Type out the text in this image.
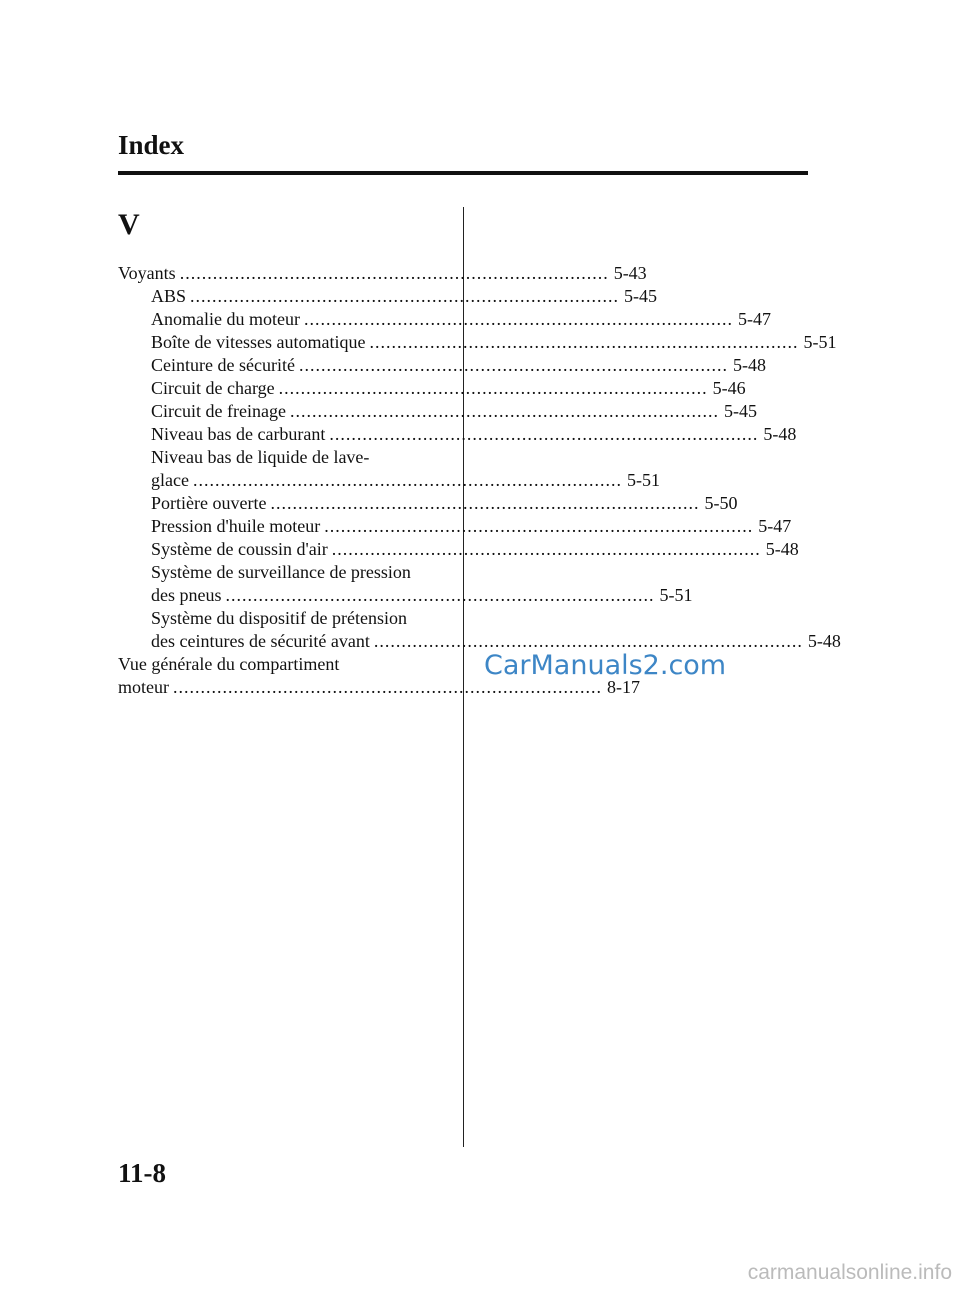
Index
V
Voyants .............................................................................. 5-43
ABS .............................................................................. 5-45
Anomalie du moteur .............................................................................. 5-47
Boîte de vitesses automatique .............................................................................. 5-51
Ceinture de sécurité .............................................................................. 5-48
Circuit de charge .............................................................................. 5-46
Circuit de freinage .............................................................................. 5-45
Niveau bas de carburant .............................................................................. 5-48
Niveau bas de liquide de lave-
glace .............................................................................. 5-51
Portière ouverte .............................................................................. 5-50
Pression d'huile moteur .............................................................................. 5-47
Système de coussin d'air .............................................................................. 5-48
Système de surveillance de pression
des pneus .............................................................................. 5-51
Système du dispositif de prétension
des ceintures de sécurité avant .............................................................................. 5-48
Vue générale du compartiment
moteur .............................................................................. 8-17
CarManuals2.com
11-8
carmanualsonline.info
